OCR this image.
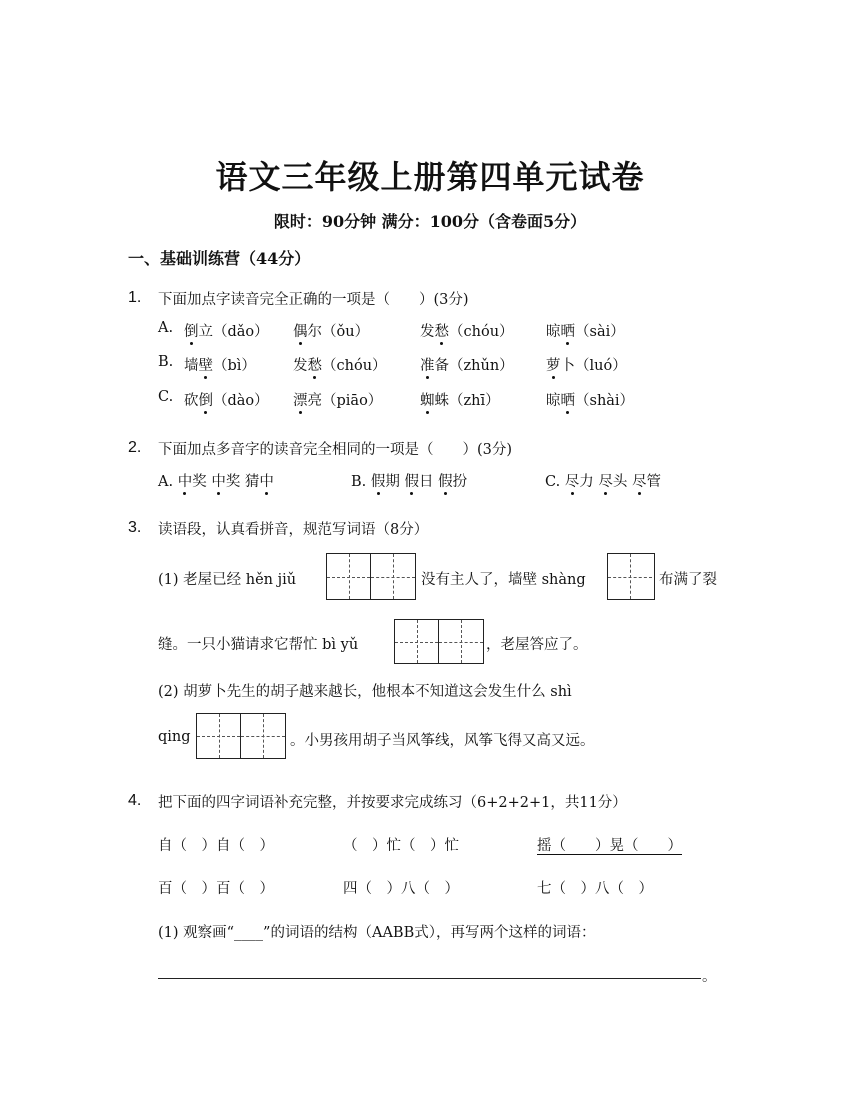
语文三年级上册第四单元试卷
限时：90分钟 满分：100分（含卷面5分）
一、基础训练营（44分）
1. 下面加点字读音完全正确的一项是（　　）(3分)
A. 倒立（dǎo） 偶尔（ǒu）	发愁（chóu） 晾晒（sài）
B. 墙壁（bì）	发愁（chóu） 准备（zhǔn） 萝卜（luó）
C. 砍倒（dào） 漂亮（piāo）	蜘蛛（zhī）	晾晒（shài）
2. 下面加点多音字的读音完全相同的一项是（　　）(3分)
A. 中奖 中奖 猜中	B. 假期 假日 假扮	C. 尽力 尽头 尽管
3. 读语段，认真看拼音，规范写词语（8分）
(1) 老屋已经 hěn jiǔ	没有主人了，墙壁 shàng	布满了裂
缝。一只小猫请求它帮忙 bì yǔ	，老屋答应了。
(2) 胡萝卜先生的胡子越来越长，他根本不知道这会发生什么 shì
qing	。小男孩用胡子当风筝线，风筝飞得又高又远。
4. 把下面的四字词语补充完整，并按要求完成练习（6+2+2+1，共11分）
自（　）自（　）	（　）忙（　）忙	摇（　　）晃（　　）
百（　）百（　）	四（　）八（　）	七（　）八（　）
(1) 观察画“____”的词语的结构（AABB式），再写两个这样的词语：
。
